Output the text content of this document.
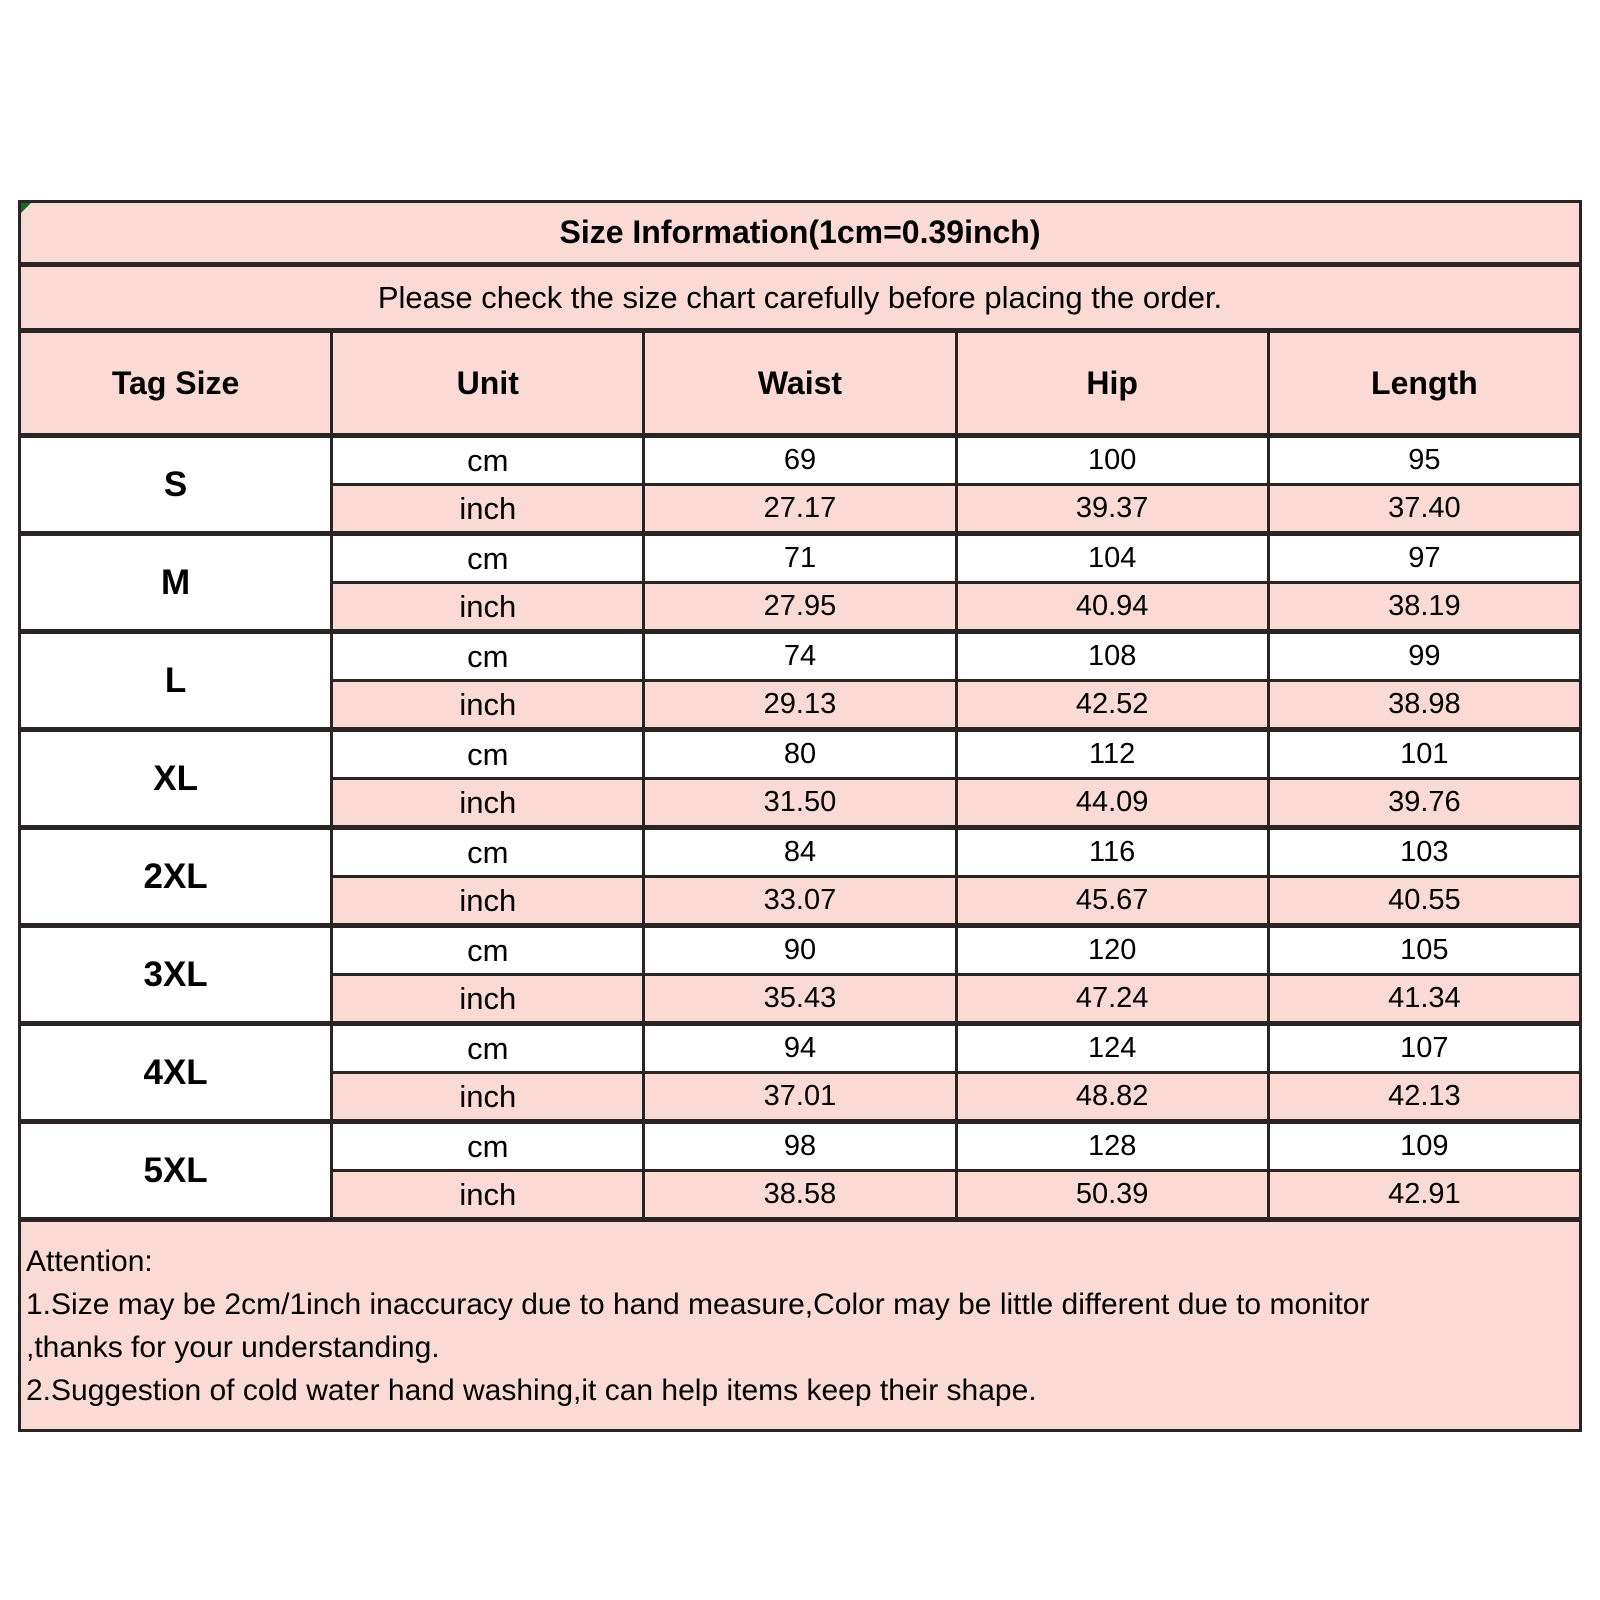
Size Information(1cm=0.39inch)				
Please check the size chart carefully before placing the order.				
Tag Size	Unit	Waist	Hip	Length
S	cm	69	100	95
	inch	27.17	39.37	37.40
M	cm	71	104	97
	inch	27.95	40.94	38.19
L	cm	74	108	99
	inch	29.13	42.52	38.98
XL	cm	80	112	101
	inch	31.50	44.09	39.76
2XL	cm	84	116	103
	inch	33.07	45.67	40.55
3XL	cm	90	120	105
	inch	35.43	47.24	41.34
4XL	cm	94	124	107
	inch	37.01	48.82	42.13
5XL	cm	98	128	109
	inch	38.58	50.39	42.91

Attention:
1.Size may be 2cm/1inch inaccuracy due to hand measure,Color may be little different due to monitor
,thanks for your understanding.
2.Suggestion of cold water hand washing,it can help items keep their shape.				
